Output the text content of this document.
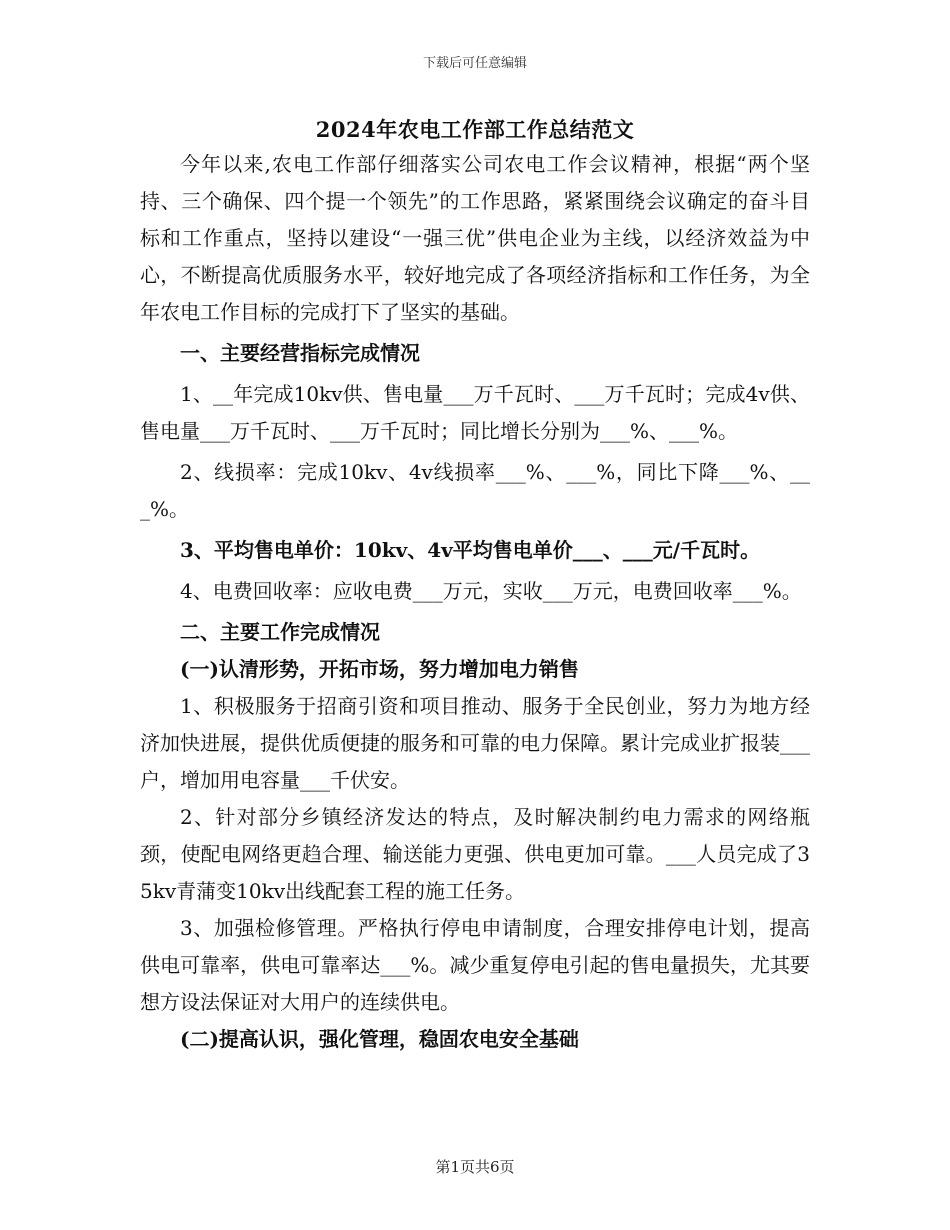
下载后可任意编辑
2024年农电工作部工作总结范文

今年以来,农电工作部仔细落实公司农电工作会议精神，根据“两个坚持、三个确保、四个提一个领先”的工作思路，紧紧围绕会议确定的奋斗目标和工作重点，坚持以建设“一强三优”供电企业为主线，以经济效益为中心，不断提高优质服务水平，较好地完成了各项经济指标和工作任务，为全年农电工作目标的完成打下了坚实的基础。

一、主要经营指标完成情况

1、__年完成10kv供、售电量___万千瓦时、___万千瓦时；完成4v供、售电量___万千瓦时、___万千瓦时；同比增长分别为___%、___%。

2、线损率：完成10kv、4v线损率___%、___%，同比下降___%、___%。

3、平均售电单价：10kv、4v平均售电单价___、___元/千瓦时。

4、电费回收率：应收电费___万元，实收___万元，电费回收率___%。

二、主要工作完成情况

(一)认清形势，开拓市场，努力增加电力销售

1、积极服务于招商引资和项目推动、服务于全民创业，努力为地方经济加快进展，提供优质便捷的服务和可靠的电力保障。累计完成业扩报装___户，增加用电容量___千伏安。

2、针对部分乡镇经济发达的特点，及时解决制约电力需求的网络瓶颈，使配电网络更趋合理、输送能力更强、供电更加可靠。___人员完成了35kv青蒲变10kv出线配套工程的施工任务。

3、加强检修管理。严格执行停电申请制度，合理安排停电计划，提高供电可靠率，供电可靠率达___%。减少重复停电引起的售电量损失，尤其要想方设法保证对大用户的连续供电。

(二)提高认识，强化管理，稳固农电安全基础

第1页共6页
